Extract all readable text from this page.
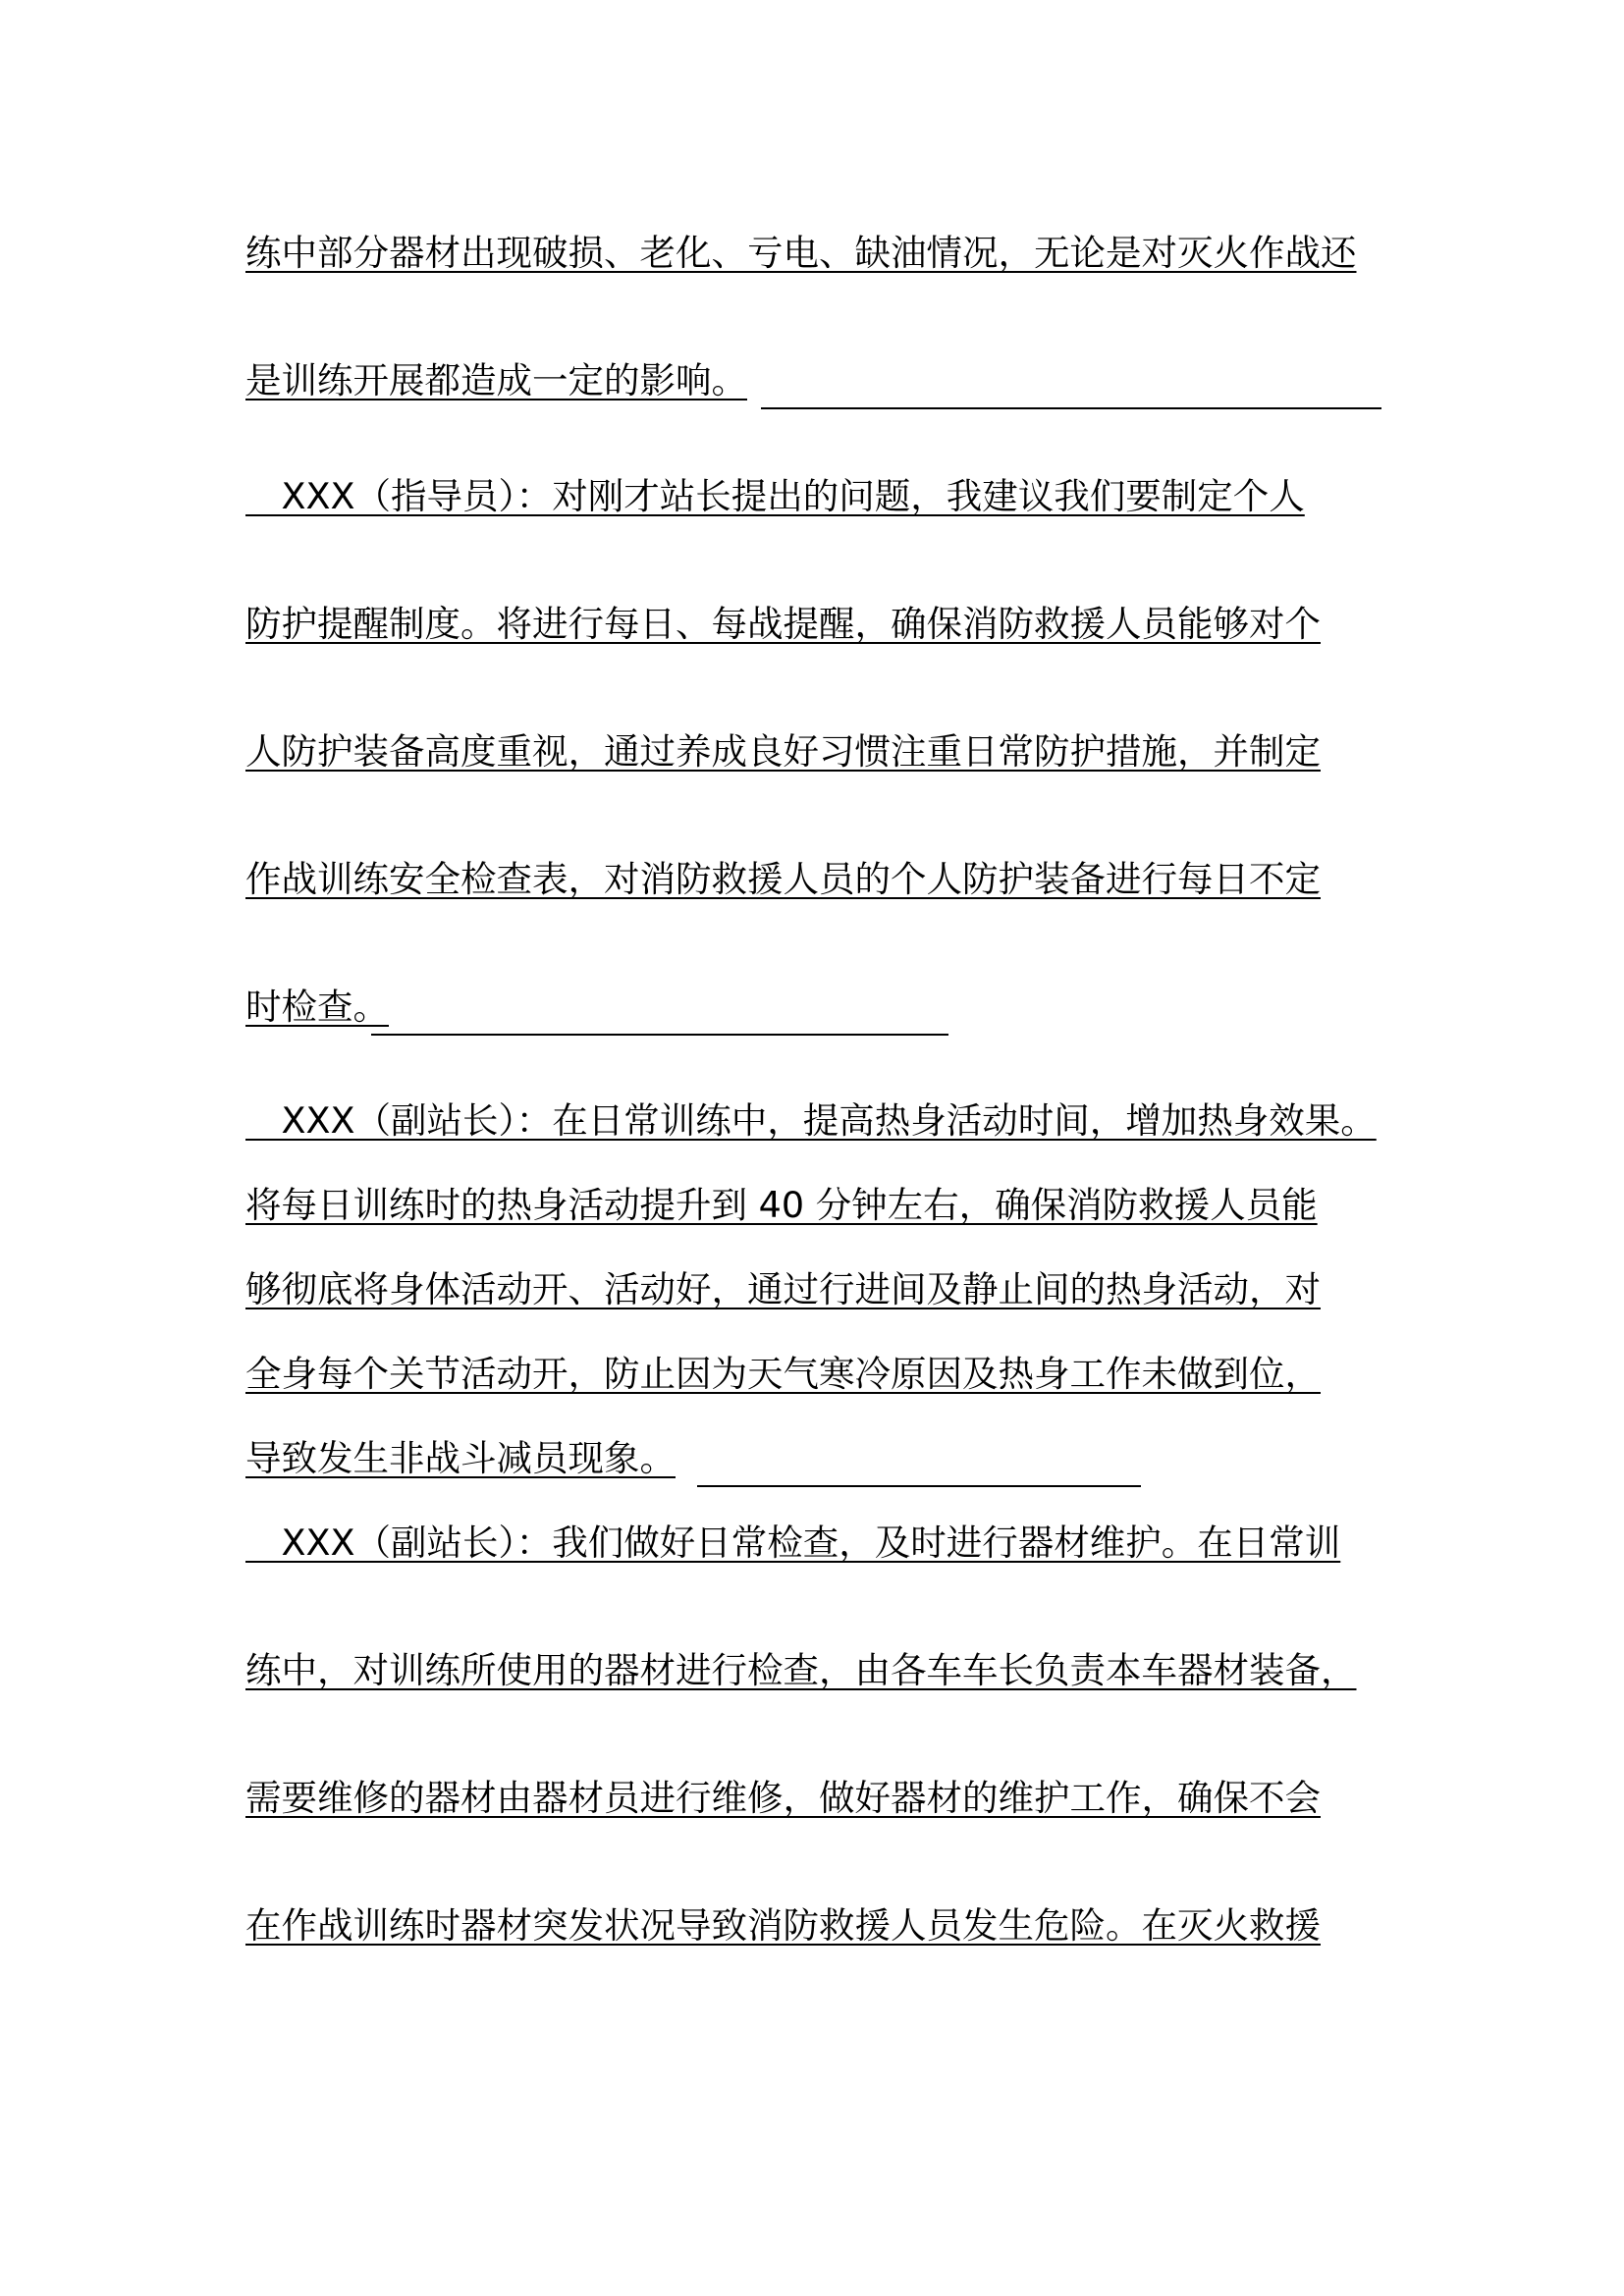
练中部分器材出现破损、老化、亏电、缺油情况，无论是对灭火作战还
是训练开展都造成一定的影响。
　XXX（指导员）：对刚才站长提出的问题，我建议我们要制定个人
防护提醒制度。将进行每日、每战提醒，确保消防救援人员能够对个
人防护装备高度重视，通过养成良好习惯注重日常防护措施，并制定
作战训练安全检查表，对消防救援人员的个人防护装备进行每日不定
时检查。
　XXX（副站长）：在日常训练中，提高热身活动时间，增加热身效果。
将每日训练时的热身活动提升到 40 分钟左右，确保消防救援人员能
够彻底将身体活动开、活动好，通过行进间及静止间的热身活动，对
全身每个关节活动开，防止因为天气寒冷原因及热身工作未做到位，
导致发生非战斗减员现象。
　XXX（副站长）：我们做好日常检查，及时进行器材维护。在日常训
练中，对训练所使用的器材进行检查，由各车车长负责本车器材装备，
需要维修的器材由器材员进行维修，做好器材的维护工作，确保不会
在作战训练时器材突发状况导致消防救援人员发生危险。在灭火救援
